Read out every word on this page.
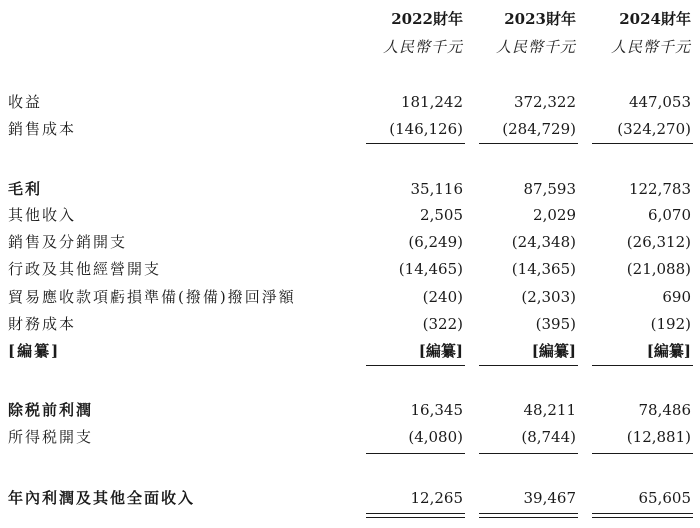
2022財年	2023財年	2024財年
人民幣千元 人民幣千元 人民幣千元
收益	181,242	372,322	447,053
銷售成本	(146,126)	(284,729)	(324,270)
毛利	35,116	87,593	122,783
其他收入	2,505	2,029	6,070
銷售及分銷開支	(6,249)	(24,348)	(26,312)
行政及其他經營開支	(14,465)	(14,365)	(21,088)
貿易應收款項虧損準備(撥備)撥回淨額	(240)	(2,303)	690
財務成本	(322)	(395)	(192)
[編纂]	[編纂]	[編纂]	[編纂]
除税前利潤	16,345	48,211	78,486
所得税開支	(4,080)	(8,744)	(12,881)
年內利潤及其他全面收入	12,265	39,467	65,605
